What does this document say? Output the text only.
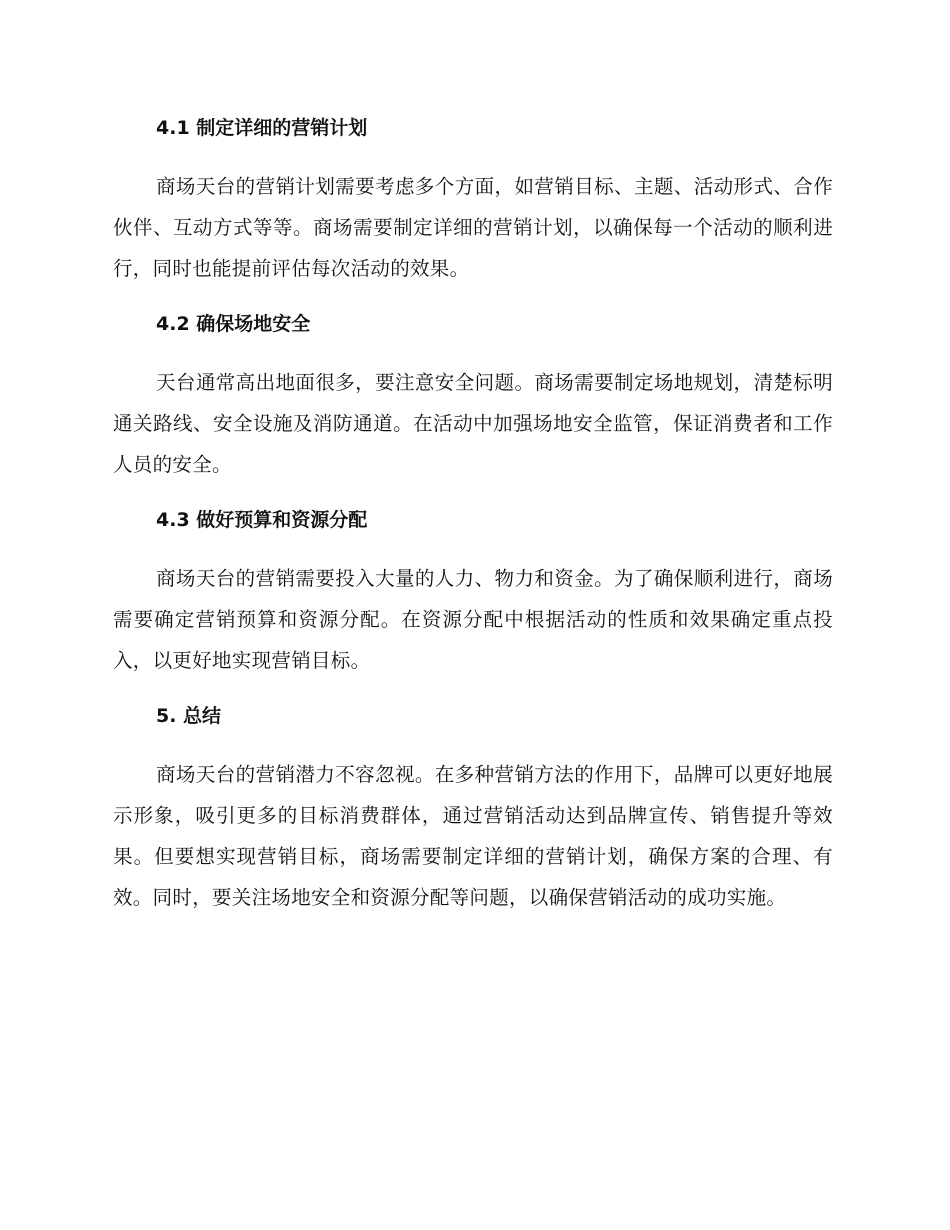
4.1 制定详细的营销计划

商场天台的营销计划需要考虑多个方面，如营销目标、主题、活动形式、合作伙伴、互动方式等等。商场需要制定详细的营销计划，以确保每一个活动的顺利进行，同时也能提前评估每次活动的效果。

4.2 确保场地安全

天台通常高出地面很多，要注意安全问题。商场需要制定场地规划，清楚标明通关路线、安全设施及消防通道。在活动中加强场地安全监管，保证消费者和工作人员的安全。

4.3 做好预算和资源分配

商场天台的营销需要投入大量的人力、物力和资金。为了确保顺利进行，商场需要确定营销预算和资源分配。在资源分配中根据活动的性质和效果确定重点投入，以更好地实现营销目标。

5. 总结

商场天台的营销潜力不容忽视。在多种营销方法的作用下，品牌可以更好地展示形象，吸引更多的目标消费群体，通过营销活动达到品牌宣传、销售提升等效果。但要想实现营销目标，商场需要制定详细的营销计划，确保方案的合理、有效。同时，要关注场地安全和资源分配等问题，以确保营销活动的成功实施。
